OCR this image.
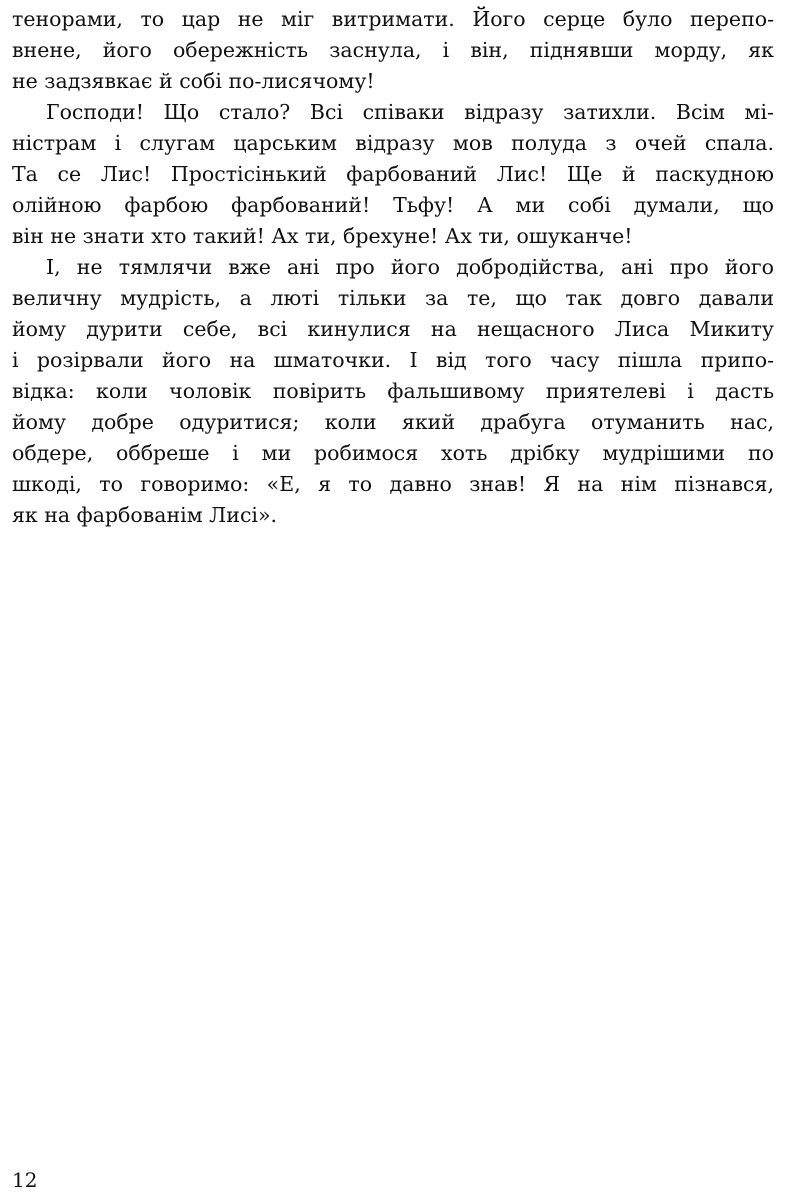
тенорами, то цар не міг витримати. Його серце було перепо-
внене, його обережність заснула, і він, піднявши морду, як
не задзявкає й собі по-лисячому!
Господи! Що стало? Всі співаки відразу затихли. Всім мі-
ністрам і слугам царським відразу мов полуда з очей спала.
Та се Лис! Простісінький фарбований Лис! Ще й паскудною
олійною фарбою фарбований! Тьфу! А ми собі думали, що
він не знати хто такий! Ах ти, брехуне! Ах ти, ошуканче!
І, не тямлячи вже ані про його добродійства, ані про його
величну мудрість, а люті тільки за те, що так довго давали
йому дурити себе, всі кинулися на нещасного Лиса Микиту
і розірвали його на шматочки. І від того часу пішла припо-
відка: коли чоловік повірить фальшивому приятелеві і дасть
йому добре одуритися; коли який драбуга отуманить нас,
обдере, оббреше і ми робимося хоть дрібку мудрішими по
шкоді, то говоримо: «Е, я то давно знав! Я на нім пізнався,
як на фарбованім Лисі».
12
